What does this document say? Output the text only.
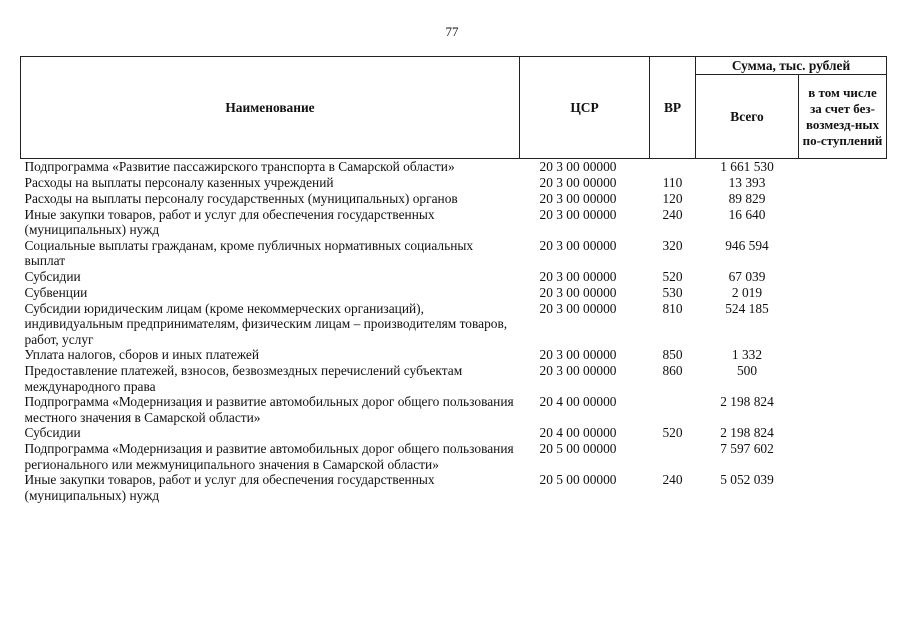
77
Наименование	ЦСР	ВР	Сумма, тыс. рублей	
			Всего	в том числе за счет без-возмезд-ных по-ступлений
Подпрограмма «Развитие пассажирского транспорта в Самарской области»	20 3 00 00000		1 661 530	
Расходы на выплаты персоналу казенных учреждений	20 3 00 00000	110	13 393	
Расходы на выплаты персоналу государственных (муниципальных) органов	20 3 00 00000	120	89 829	
Иные закупки товаров, работ и услуг для обеспечения государственных (муниципальных) нужд	20 3 00 00000	240	16 640	
Социальные выплаты гражданам, кроме публичных нормативных социальных выплат	20 3 00 00000	320	946 594	
Субсидии	20 3 00 00000	520	67 039	
Субвенции	20 3 00 00000	530	2 019	
Субсидии юридическим лицам (кроме некоммерческих организаций), индивидуальным предпринимателям, физическим лицам – производителям товаров, работ, услуг	20 3 00 00000	810	524 185	
Уплата налогов, сборов и иных платежей	20 3 00 00000	850	1 332	
Предоставление платежей, взносов, безвозмездных перечислений субъектам международного права	20 3 00 00000	860	500	
Подпрограмма «Модернизация и развитие автомобильных дорог общего пользования местного значения в Самарской области»	20 4 00 00000		2 198 824	
Субсидии	20 4 00 00000	520	2 198 824	
Подпрограмма «Модернизация и развитие автомобильных дорог общего пользования регионального или межмуниципального значения в Самарской области»	20 5 00 00000		7 597 602	
Иные закупки товаров, работ и услуг для обеспечения государственных (муниципальных) нужд	20 5 00 00000	240	5 052 039	
